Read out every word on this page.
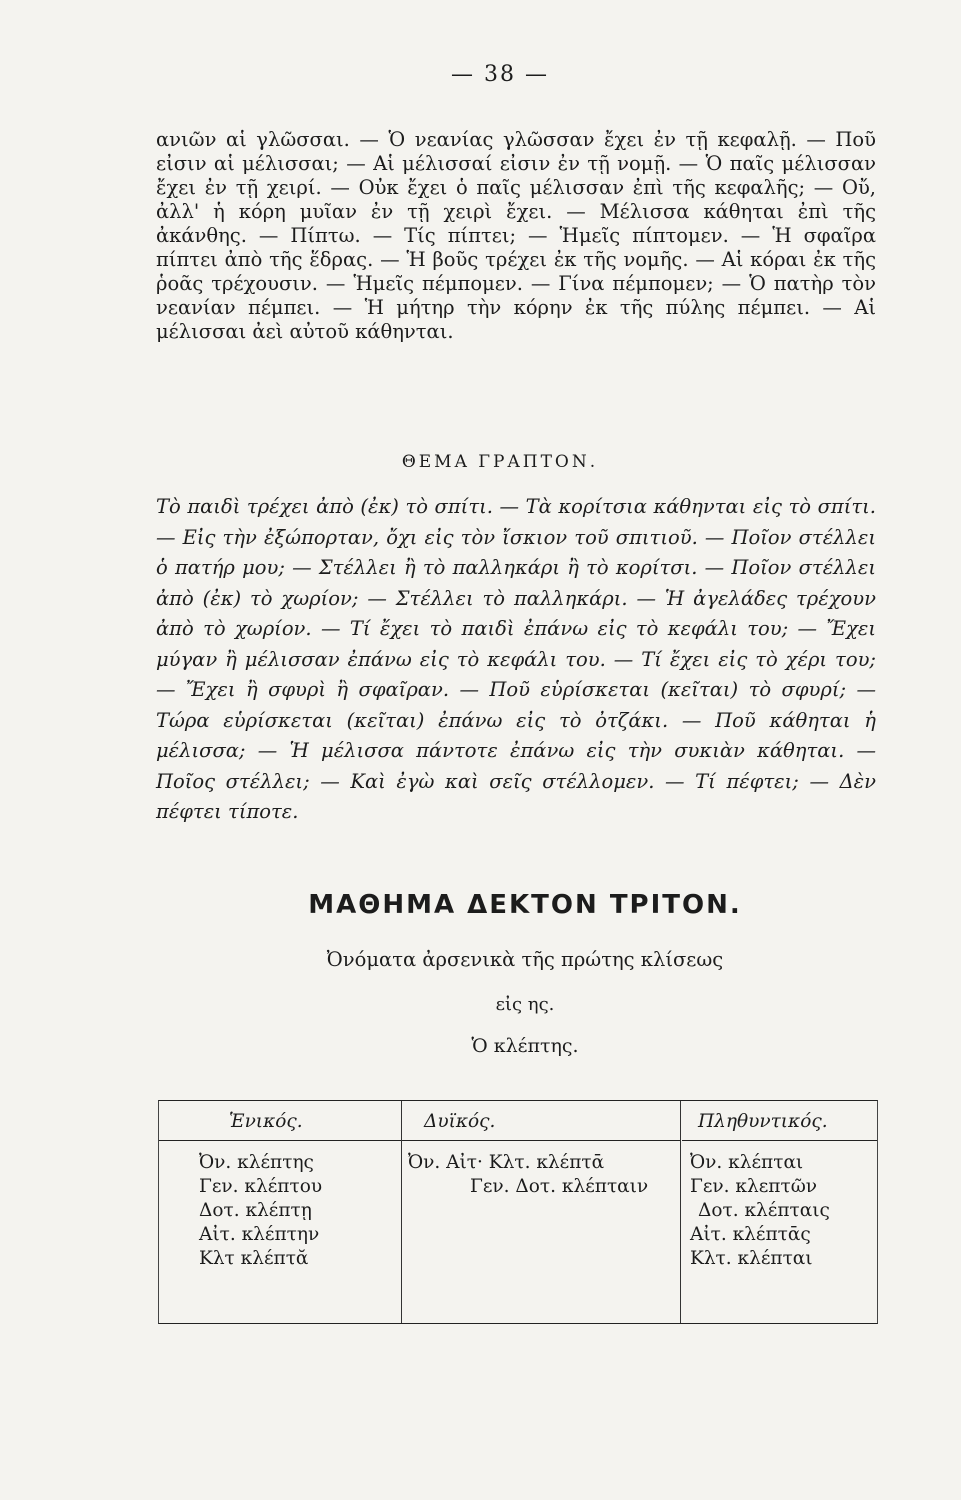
— 38 —

ανιῶν αἱ γλῶσσαι. — Ὁ νεανίας γλῶσσαν ἔχει ἐν τῇ κεφαλῇ. — Ποῦ εἰσιν αἱ μέλισσαι; — Αἱ μέλισσαί εἰσιν ἐν τῇ νομῇ. — Ὁ παῖς μέλισσαν ἔχει ἐν τῇ χειρί. — Οὐκ ἔχει ὁ παῖς μέλισσαν ἐπὶ τῆς κεφαλῆς; — Οὔ, ἀλλ' ἡ κόρη μυῖαν ἐν τῇ χειρὶ ἔχει. — Μέλισσα κάθηται ἐπὶ τῆς ἀκάνθης. — Πίπτω. — Τίς πίπτει; — Ἡμεῖς πίπτομεν. — Ἡ σφαῖρα πίπτει ἀπὸ τῆς ἕδρας. — Ἡ βοῦς τρέχει ἐκ τῆς νομῆς. — Αἱ κόραι ἐκ τῆς ῥοᾶς τρέχουσιν. — Ἡμεῖς πέμπομεν. — Γίνα πέμπομεν; — Ὁ πατὴρ τὸν νεανίαν πέμπει. — Ἡ μήτηρ τὴν κόρην ἐκ τῆς πύλης πέμπει. — Αἱ μέλισσαι ἀεὶ αὐτοῦ κάθηνται.

ΘΕΜΑ ΓΡΑΠΤΟΝ.

Τὸ παιδὶ τρέχει ἀπὸ (ἐκ) τὸ σπίτι. — Τὰ κορίτσια κάθηνται εἰς τὸ σπίτι. — Εἰς τὴν ἐξώπορταν, ὄχι εἰς τὸν ἴσκιον τοῦ σπιτιοῦ. — Ποῖον στέλλει ὁ πατήρ μου; — Στέλλει ἢ τὸ παλληκάρι ἢ τὸ κορίτσι. — Ποῖον στέλλει ἀπὸ (ἐκ) τὸ χωρίον; — Στέλλει τὸ παλληκάρι. — Ἡ ἀγελάδες τρέχουν ἀπὸ τὸ χωρίον. — Τί ἔχει τὸ παιδὶ ἐπάνω εἰς τὸ κεφάλι του; — Ἔχει μύγαν ἢ μέλισσαν ἐπάνω εἰς τὸ κεφάλι του. — Τί ἔχει εἰς τὸ χέρι του; — Ἔχει ἢ σφυρὶ ἢ σφαῖραν. — Ποῦ εὑρίσκεται (κεῖται) τὸ σφυρί; — Τώρα εὑρίσκεται (κεῖται) ἐπάνω εἰς τὸ ὀτζάκι. — Ποῦ κάθηται ἡ μέλισσα; — Ἡ μέλισσα πάντοτε ἐπάνω εἰς τὴν συκιὰν κάθηται. — Ποῖος στέλλει; — Καὶ ἐγὼ καὶ σεῖς στέλλομεν. — Τί πέφτει; — Δὲν πέφτει τίποτε.

ΜΑΘΗΜΑ ΔΕΚΤΟΝ ΤΡΙΤΟΝ.
Ὀνόματα ἀρσενικὰ τῆς πρώτης κλίσεως
εἰς ης.
Ὁ κλέπτης.
Ἑνικός.
Ὀν. κλέπτης
Γεν. κλέπτου
Δοτ. κλέπτῃ
Αἰτ. κλέπτην
Κλτ κλέπτᾰ
Δυϊκός.
Ὀν. Αἰτ· Κλτ. κλέπτᾱ
Γεν. Δοτ. κλέπταιν
Πληθυντικός.
Ὀν. κλέπται
Γεν. κλεπτῶν
Δοτ. κλέπταις
Αἰτ. κλέπτᾱς
Κλτ. κλέπται
